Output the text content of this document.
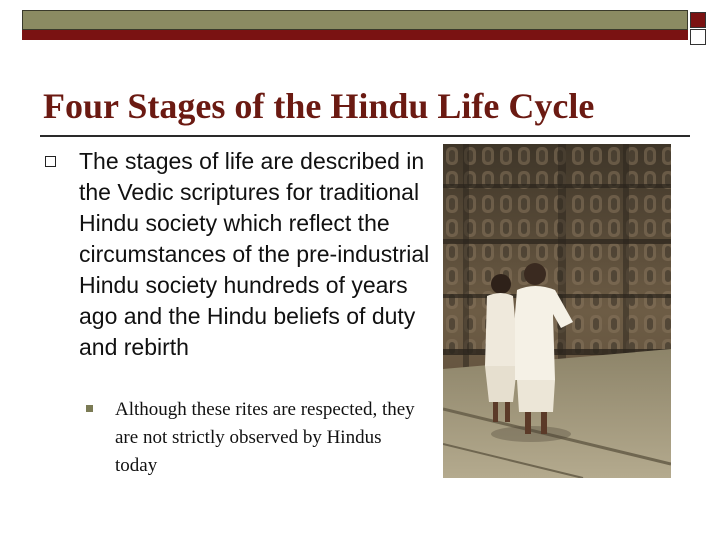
Four Stages of the Hindu Life Cycle
The stages of life are described in the Vedic scriptures for traditional Hindu society which reflect the circumstances of the pre-industrial Hindu society hundreds of years ago and the Hindu beliefs of duty and rebirth
Although these rites are respected, they are not strictly observed by Hindus today
